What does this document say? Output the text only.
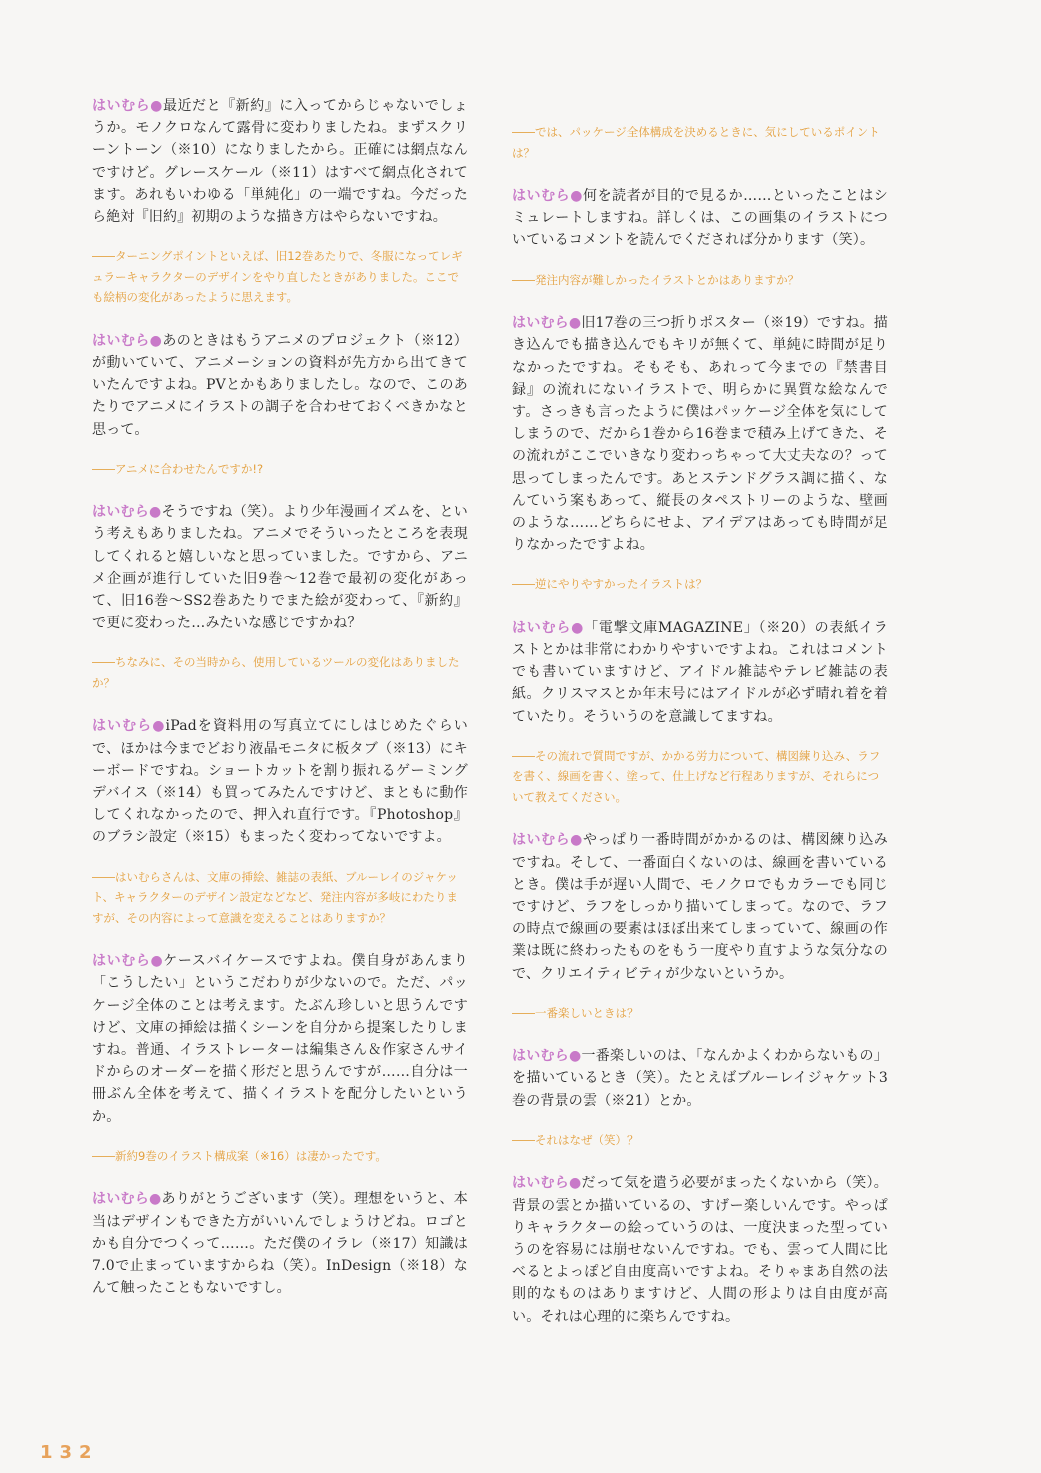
はいむら●最近だと『新約』に入ってからじゃないでしょうか。モノクロなんて露骨に変わりましたね。まずスクリーントーン（※10）になりましたから。正確には網点なんですけど。グレースケール（※11）はすべて網点化されてます。あれもいわゆる「単純化」の一端ですね。今だったら絶対『旧約』初期のような描き方はやらないですね。

――ターニングポイントといえば、旧12巻あたりで、冬服になってレギュラーキャラクターのデザインをやり直したときがありました。ここでも絵柄の変化があったように思えます。

はいむら●あのときはもうアニメのプロジェクト（※12）が動いていて、アニメーションの資料が先方から出てきていたんですよね。PVとかもありましたし。なので、このあたりでアニメにイラストの調子を合わせておくべきかなと思って。

――アニメに合わせたんですか!?

はいむら●そうですね（笑）。より少年漫画イズムを、という考えもありましたね。アニメでそういったところを表現してくれると嬉しいなと思っていました。ですから、アニメ企画が進行していた旧9巻～12巻で最初の変化があって、旧16巻～SS2巻あたりでまた絵が変わって、『新約』で更に変わった…みたいな感じですかね？

――ちなみに、その当時から、使用しているツールの変化はありましたか？

はいむら●iPadを資料用の写真立てにしはじめたぐらいで、ほかは今までどおり液晶モニタに板タブ（※13）にキーボードですね。ショートカットを割り振れるゲーミングデバイス（※14）も買ってみたんですけど、まともに動作してくれなかったので、押入れ直行です。『Photoshop』のブラシ設定（※15）もまったく変わってないですよ。

――はいむらさんは、文庫の挿絵、雑誌の表紙、ブルーレイのジャケット、キャラクターのデザイン設定などなど、発注内容が多岐にわたりますが、その内容によって意識を変えることはありますか？

はいむら●ケースバイケースですよね。僕自身があんまり「こうしたい」というこだわりが少ないので。ただ、パッケージ全体のことは考えます。たぶん珍しいと思うんですけど、文庫の挿絵は描くシーンを自分から提案したりしますね。普通、イラストレーターは編集さん＆作家さんサイドからのオーダーを描く形だと思うんですが……自分は一冊ぶん全体を考えて、描くイラストを配分したいというか。

――新約9巻のイラスト構成案（※16）は凄かったです。

はいむら●ありがとうございます（笑）。理想をいうと、本当はデザインもできた方がいいんでしょうけどね。ロゴとかも自分でつくって……。ただ僕のイラレ（※17）知識は7.0で止まっていますからね（笑）。InDesign（※18）なんて触ったこともないですし。

――では、パッケージ全体構成を決めるときに、気にしているポイントは？

はいむら●何を読者が目的で見るか……といったことはシミュレートしますね。詳しくは、この画集のイラストについているコメントを読んでくだされば分かります（笑）。

――発注内容が難しかったイラストとかはありますか？

はいむら●旧17巻の三つ折りポスター（※19）ですね。描き込んでも描き込んでもキリが無くて、単純に時間が足りなかったですね。そもそも、あれって今までの『禁書目録』の流れにないイラストで、明らかに異質な絵なんです。さっきも言ったように僕はパッケージ全体を気にしてしまうので、だから1巻から16巻まで積み上げてきた、その流れがここでいきなり変わっちゃって大丈夫なの？って思ってしまったんです。あとステンドグラス調に描く、なんていう案もあって、縦長のタペストリーのような、壁画のような……どちらにせよ、アイデアはあっても時間が足りなかったですよね。

――逆にやりやすかったイラストは？

はいむら●「電撃文庫MAGAZINE」（※20）の表紙イラストとかは非常にわかりやすいですよね。これはコメントでも書いていますけど、アイドル雑誌やテレビ雑誌の表紙。クリスマスとか年末号にはアイドルが必ず晴れ着を着ていたり。そういうのを意識してますね。

――その流れで質問ですが、かかる労力について、構図練り込み、ラフを書く、線画を書く、塗って、仕上げなど行程ありますが、それらについて教えてください。

はいむら●やっぱり一番時間がかかるのは、構図練り込みですね。そして、一番面白くないのは、線画を書いているとき。僕は手が遅い人間で、モノクロでもカラーでも同じですけど、ラフをしっかり描いてしまって。なので、ラフの時点で線画の要素はほぼ出来てしまっていて、線画の作業は既に終わったものをもう一度やり直すような気分なので、クリエイティビティが少ないというか。

――一番楽しいときは？

はいむら●一番楽しいのは、「なんかよくわからないもの」を描いているとき（笑）。たとえばブルーレイジャケット3巻の背景の雲（※21）とか。

――それはなぜ（笑）？

はいむら●だって気を遣う必要がまったくないから（笑）。背景の雲とか描いているの、すげー楽しいんです。やっぱりキャラクターの絵っていうのは、一度決まった型っていうのを容易には崩せないんですね。でも、雲って人間に比べるとよっぽど自由度高いですよね。そりゃまあ自然の法則的なものはありますけど、人間の形よりは自由度が高い。それは心理的に楽ちんですね。

132
